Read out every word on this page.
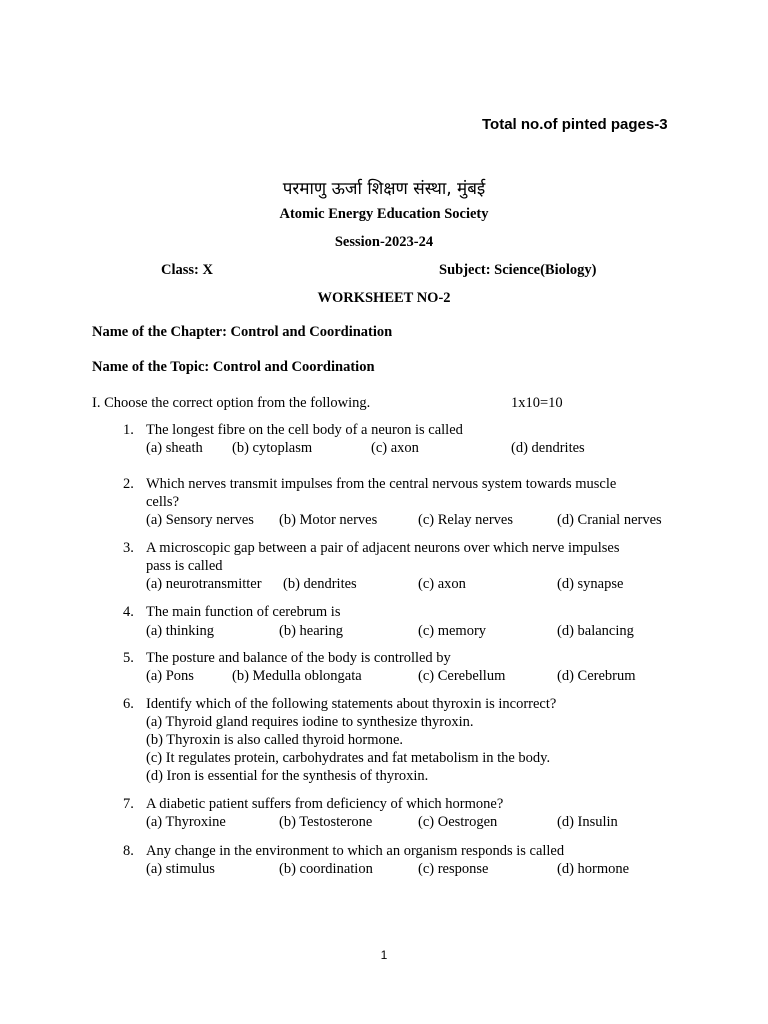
Total no.of pinted pages-3
परमाणु ऊर्जा शिक्षण संस्था, मुंबई
Atomic Energy Education Society
Session-2023-24
Class: X	Subject: Science(Biology)
WORKSHEET NO-2
Name of the Chapter: Control and Coordination
Name of the Topic: Control and Coordination
I. Choose the correct option from the following.	1x10=10
1. The longest fibre on the cell body of a neuron is called
(a) sheath (b) cytoplasm	(c) axon	(d) dendrites
2. Which nerves transmit impulses from the central nervous system towards muscle
cells?
(a) Sensory nerves (b) Motor nerves	(c) Relay nerves	(d) Cranial nerves
3. A microscopic gap between a pair of adjacent neurons over which nerve impulses
pass is called
(a) neurotransmitter (b) dendrites	(c) axon	(d) synapse
4. The main function of cerebrum is
(a) thinking	(b) hearing	(c) memory	(d) balancing
5. The posture and balance of the body is controlled by
(a) Pons	(b) Medulla oblongata	(c) Cerebellum	(d) Cerebrum
6. Identify which of the following statements about thyroxin is incorrect?
(a) Thyroid gland requires iodine to synthesize thyroxin.
(b) Thyroxin is also called thyroid hormone.
(c) It regulates protein, carbohydrates and fat metabolism in the body.
(d) Iron is essential for the synthesis of thyroxin.
7. A diabetic patient suffers from deficiency of which hormone?
(a) Thyroxine	(b) Testosterone	(c) Oestrogen	(d) Insulin
8. Any change in the environment to which an organism responds is called
(a) stimulus	(b) coordination	(c) response	(d) hormone
1
